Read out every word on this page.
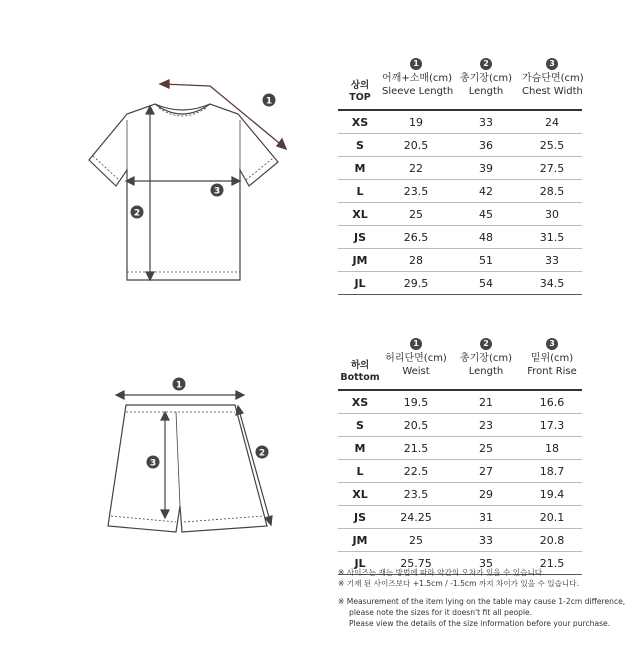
1
2
3
1
2
3
상의
TOP
1
어깨+소매(cm)
Sleeve Length
2
총기장(cm)
Length
3
가슴단면(cm)
Chest Width
XS	19	33	24
S	20.5	36	25.5
M	22	39	27.5
L	23.5	42	28.5
XL	25	45	30
JS	26.5	48	31.5
JM	28	51	33
JL	29.5	54	34.5
하의
Bottom
1
허리단면(cm)
Weist
2
총기장(cm)
Length
3
밑위(cm)
Front Rise
XS	19.5	21	16.6
S	20.5	23	17.3
M	21.5	25	18
L	22.5	27	18.7
XL	23.5	29	19.4
JS	24.25	31	20.1
JM	25	33	20.8
JL	25.75	35	21.5
※ 사이즈는 재는 방법에 따라 약간의 오차가 있을 수 있습니다.
※ 기재 된 사이즈보다 +1.5cm / -1.5cm 까지 차이가 있을 수 있습니다.
※ Measurement of the item lying on the table may cause 1-2cm difference,
please note the sizes for it doesn't fit all people.
Please view the details of the size information before your purchase.
